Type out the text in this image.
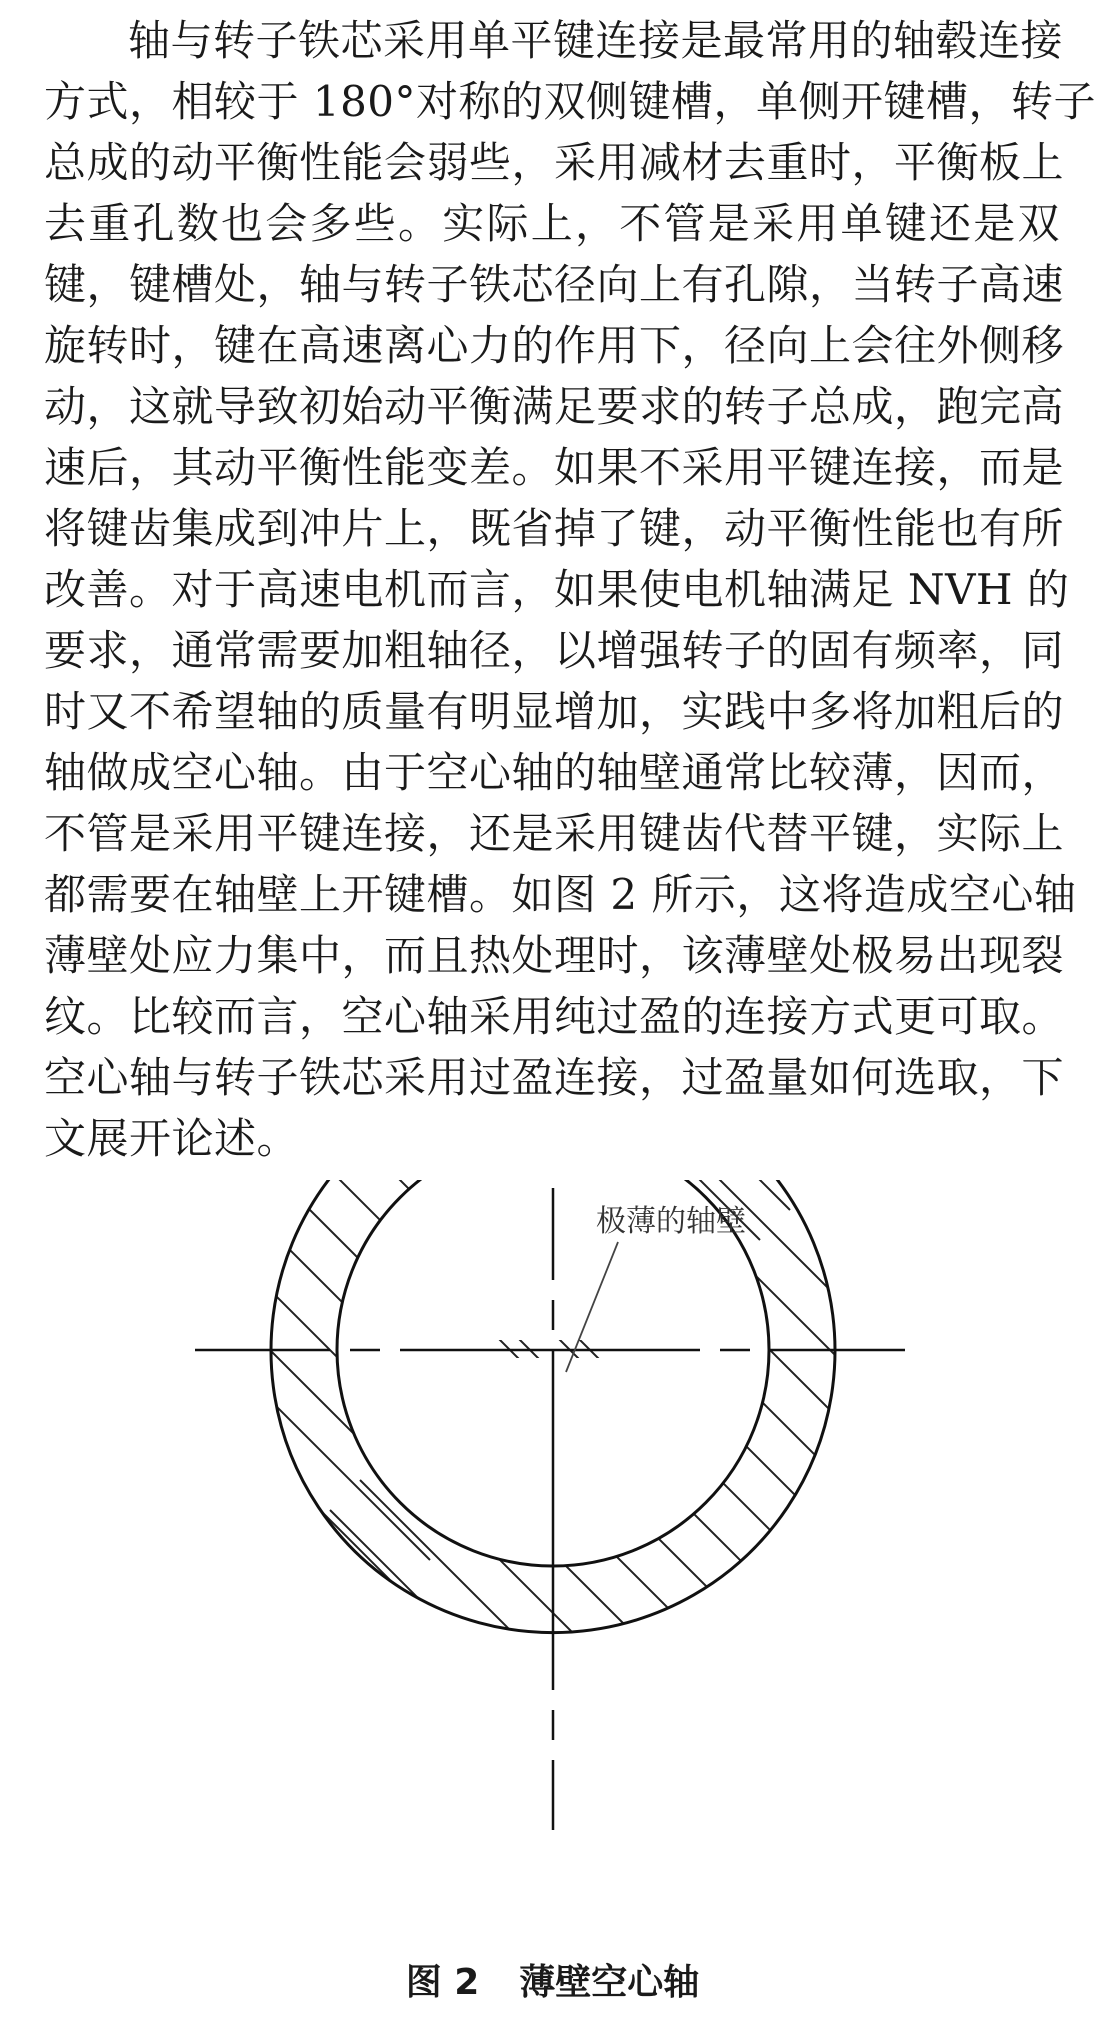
轴与转子铁芯采用单平键连接是最常用的轴毂连接
方式，相较于 180°对称的双侧键槽，单侧开键槽，转子
总成的动平衡性能会弱些，采用减材去重时，平衡板上
去重孔数也会多些。实际上，不管是采用单键还是双
键，键槽处，轴与转子铁芯径向上有孔隙，当转子高速
旋转时，键在高速离心力的作用下，径向上会往外侧移
动，这就导致初始动平衡满足要求的转子总成，跑完高
速后，其动平衡性能变差。如果不采用平键连接，而是
将键齿集成到冲片上，既省掉了键，动平衡性能也有所
改善。对于高速电机而言，如果使电机轴满足 NVH 的
要求，通常需要加粗轴径，以增强转子的固有频率，同
时又不希望轴的质量有明显增加，实践中多将加粗后的
轴做成空心轴。由于空心轴的轴壁通常比较薄，因而，
不管是采用平键连接，还是采用键齿代替平键，实际上
都需要在轴壁上开键槽。如图 2 所示，这将造成空心轴
薄壁处应力集中，而且热处理时，该薄壁处极易出现裂
纹。比较而言，空心轴采用纯过盈的连接方式更可取。
空心轴与转子铁芯采用过盈连接，过盈量如何选取，下
文展开论述。
极薄的轴壁
图 2 薄壁空心轴
